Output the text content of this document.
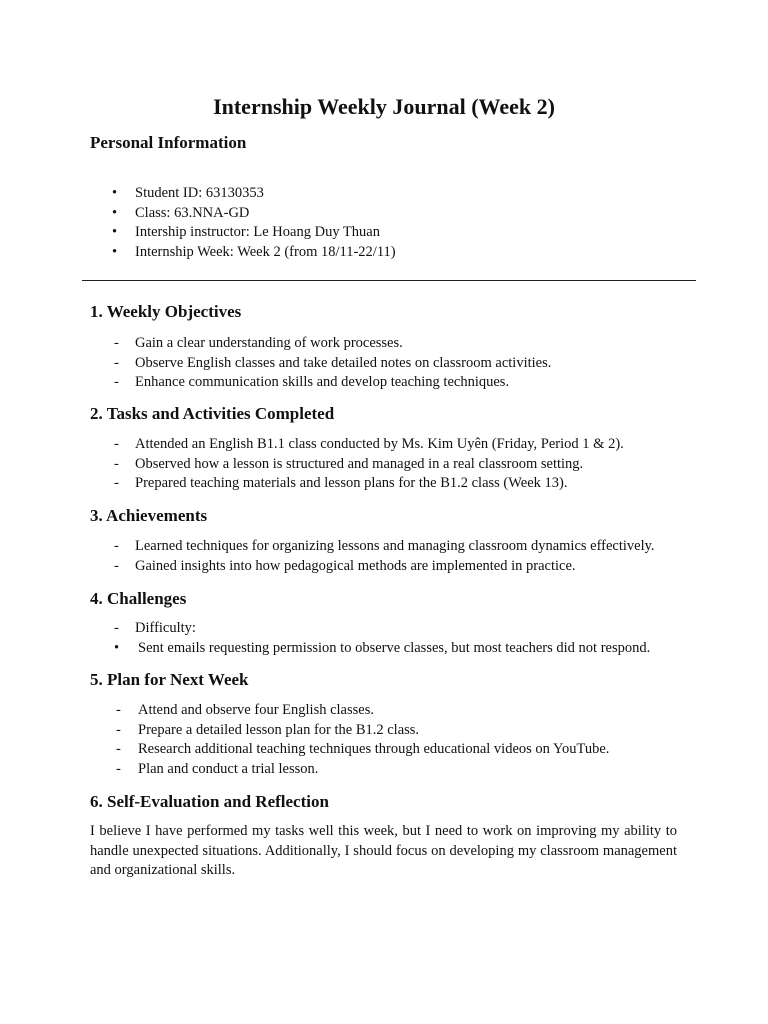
Internship Weekly Journal (Week 2)
Personal Information
• Student ID: 63130353
• Class: 63.NNA-GD
• Intership instructor: Le Hoang Duy Thuan
• Internship Week: Week 2 (from 18/11-22/11)
1. Weekly Objectives
- Gain a clear understanding of work processes.
- Observe English classes and take detailed notes on classroom activities.
- Enhance communication skills and develop teaching techniques.
2. Tasks and Activities Completed
- Attended an English B1.1 class conducted by Ms. Kim Uyên (Friday, Period 1 & 2).
- Observed how a lesson is structured and managed in a real classroom setting.
- Prepared teaching materials and lesson plans for the B1.2 class (Week 13).
3. Achievements
- Learned techniques for organizing lessons and managing classroom dynamics effectively.
- Gained insights into how pedagogical methods are implemented in practice.
4. Challenges
- Difficulty:
• Sent emails requesting permission to observe classes, but most teachers did not respond.
5. Plan for Next Week
- Attend and observe four English classes.
- Prepare a detailed lesson plan for the B1.2 class.
- Research additional teaching techniques through educational videos on YouTube.
- Plan and conduct a trial lesson.
6. Self-Evaluation and Reflection

I believe I have performed my tasks well this week, but I need to work on improving my ability to handle unexpected situations. Additionally, I should focus on developing my classroom management and organizational skills.
